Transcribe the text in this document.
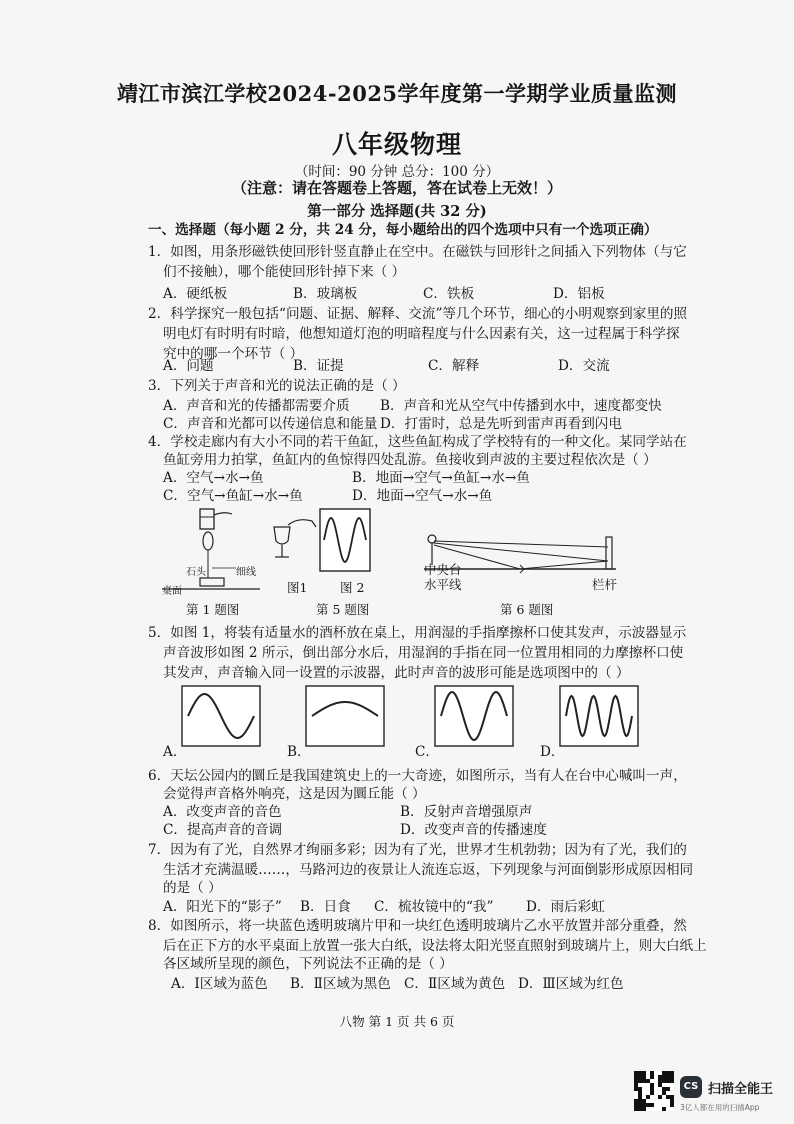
靖江市滨江学校2024-2025学年度第一学期学业质量监测
八年级物理
（时间：90 分钟 总分：100 分）
（注意：请在答题卷上答题，答在试卷上无效！）
第一部分 选择题(共 32 分)
一、选择题（每小题 2 分，共 24 分，每小题给出的四个选项中只有一个选项正确）
1．如图，用条形磁铁使回形针竖直静止在空中。在磁铁与回形针之间插入下列物体（与它
们不接触），哪个能使回形针掉下来（ ）
A．硬纸板	B．玻璃板	C．铁板	D．铝板
2．科学探究一般包括“问题、证据、解释、交流”等几个环节，细心的小明观察到家里的照
明电灯有时明有时暗，他想知道灯泡的明暗程度与什么因素有关，这一过程属于科学探
究中的哪一个环节（ ）
A．问题	B．证提	C．解释	D．交流
3．下列关于声音和光的说法正确的是（ ）
A．声音和光的传播都需要介质 B．声音和光从空气中传播到水中，速度都变快
C．声音和光都可以传递信息和能量 D．打雷时，总是先听到雷声再看到闪电
4．学校走廊内有大小不同的若干鱼缸，这些鱼缸构成了学校特有的一种文化。某同学站在
鱼缸旁用力拍掌，鱼缸内的鱼惊得四处乱游。鱼接收到声波的主要过程依次是（ ）
A．空气→水→鱼	B．地面→空气→鱼缸→水→鱼
C．空气→鱼缸→水→鱼	D．地面→空气→水→鱼
石头	细线
桌面
第 1 题图
图1	图 2
第 5 题图
中央台
水平线	栏杆
第 6 题图
5．如图 1，将装有适量水的酒杯放在桌上，用润湿的手指摩擦杯口使其发声，示波器显示
声音波形如图 2 所示，倒出部分水后，用湿润的手指在同一位置用相同的力摩擦杯口使
其发声，声音输入同一设置的示波器，此时声音的波形可能是选项图中的（ ）
A．	B．	C．	D．
6．天坛公园内的圜丘是我国建筑史上的一大奇迹，如图所示，当有人在台中心喊叫一声，
会觉得声音格外响亮，这是因为圜丘能（ ）
A．改变声音的音色	B．反射声音增强原声
C．提高声音的音调	D．改变声音的传播速度
7．因为有了光，自然界才绚丽多彩；因为有了光，世界才生机勃勃；因为有了光，我们的
生活才充满温暖……，马路河边的夜景让人流连忘返，下列现象与河面倒影形成原因相同
的是（ ）
A．阳光下的“影子” B．日食 C．梳妆镜中的“我” D．雨后彩虹
8．如图所示，将一块蓝色透明玻璃片甲和一块红色透明玻璃片乙水平放置并部分重叠，然
后在正下方的水平桌面上放置一张大白纸，设法将太阳光竖直照射到玻璃片上，则大白纸上
各区域所呈现的颜色，下列说法不正确的是（ ）
A．Ⅰ区域为蓝色 B．Ⅱ区域为黑色 C．Ⅱ区域为黄色 D．Ⅲ区域为红色
八物 第 1 页 共 6 页
CS 扫描全能王
3亿人都在用的扫描App
